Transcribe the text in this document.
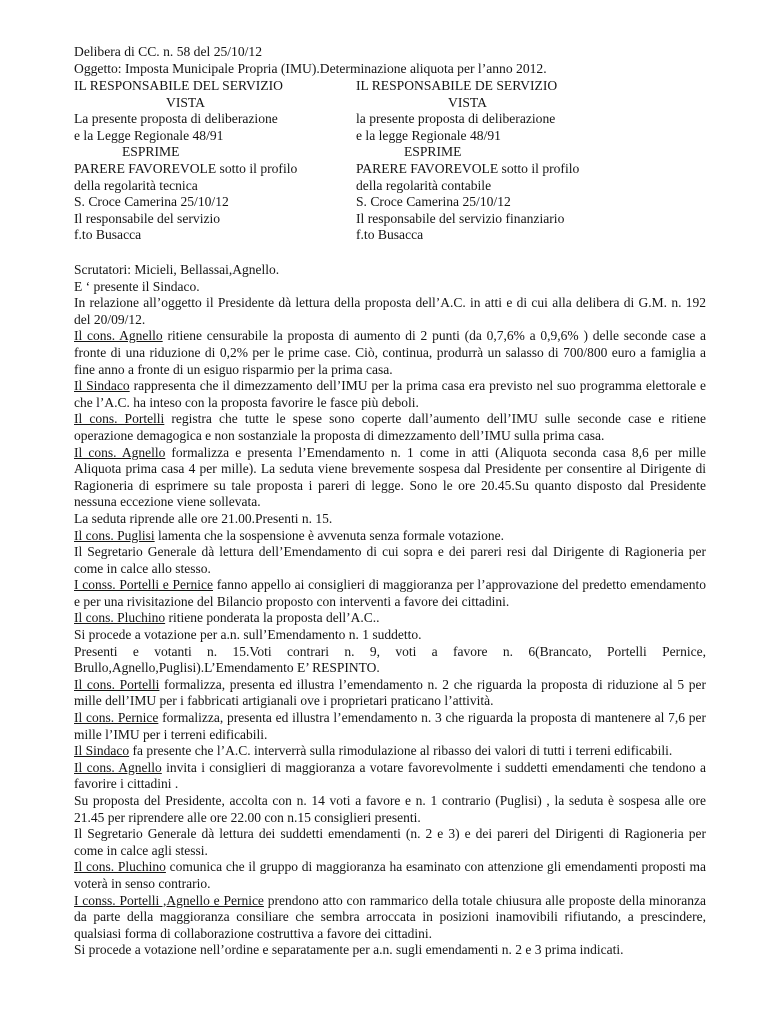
Delibera di CC. n. 58 del 25/10/12
Oggetto: Imposta Municipale Propria (IMU).Determinazione aliquota per l’anno 2012.
IL RESPONSABILE DEL SERVIZIO
VISTA
La presente proposta di deliberazione
e la Legge Regionale 48/91
ESPRIME
PARERE FAVOREVOLE sotto il profilo
della regolarità tecnica
S. Croce Camerina 25/10/12
Il responsabile del servizio
f.to Busacca
IL RESPONSABILE DE SERVIZIO
VISTA
la presente proposta di deliberazione
e la legge Regionale 48/91
ESPRIME
PARERE FAVOREVOLE sotto il profilo
della regolarità contabile
S. Croce Camerina 25/10/12
Il responsabile del servizio finanziario
f.to Busacca

Scrutatori: Micieli, Bellassai,Agnello.

E ‘ presente il Sindaco.

In relazione all’oggetto il Presidente dà lettura della proposta dell’A.C. in atti e di cui alla delibera di G.M. n. 192 del 20/09/12.

Il cons. Agnello ritiene censurabile la proposta di aumento di 2 punti (da 0,7,6% a 0,9,6% ) delle seconde case a fronte di una riduzione di 0,2% per le prime case. Ciò, continua, produrrà un salasso di 700/800 euro a famiglia a fine anno a fronte di un esiguo risparmio per la prima casa.

Il Sindaco rappresenta che il dimezzamento dell’IMU per la prima casa era previsto nel suo programma elettorale e che l’A.C. ha inteso con la proposta favorire le fasce più deboli.

Il cons. Portelli registra che tutte le spese sono coperte dall’aumento dell’IMU sulle seconde case e ritiene operazione demagogica e non sostanziale la proposta di dimezzamento dell’IMU sulla prima casa.

Il cons. Agnello formalizza e presenta l’Emendamento n. 1 come in atti (Aliquota seconda casa 8,6 per mille Aliquota prima casa 4 per mille). La seduta viene brevemente sospesa dal Presidente per consentire al Dirigente di Ragioneria di esprimere su tale proposta i pareri di legge. Sono le ore 20.45.Su quanto disposto dal Presidente nessuna eccezione viene sollevata.

La seduta riprende alle ore 21.00.Presenti n. 15.

Il cons. Puglisi lamenta che la sospensione è avvenuta senza formale votazione.

Il Segretario Generale dà lettura dell’Emendamento di cui sopra e dei pareri resi dal Dirigente di Ragioneria per come in calce allo stesso.

I conss. Portelli e Pernice fanno appello ai consiglieri di maggioranza per l’approvazione del predetto emendamento e per una rivisitazione del Bilancio proposto con interventi a favore dei cittadini.

Il cons. Pluchino ritiene ponderata la proposta dell’A.C..

Si procede a votazione per a.n. sull’Emendamento n. 1 suddetto.

Presenti e votanti n. 15.Voti contrari n. 9, voti a favore n. 6(Brancato, Portelli Pernice, Brullo,Agnello,Puglisi).L’Emendamento E’ RESPINTO.

Il cons. Portelli formalizza, presenta ed illustra l’emendamento n. 2 che riguarda la proposta di riduzione al 5 per mille dell’IMU per i fabbricati artigianali ove i proprietari praticano l’attività.

Il cons. Pernice formalizza, presenta ed illustra l’emendamento n. 3 che riguarda la proposta di mantenere al 7,6 per mille l’IMU per i terreni edificabili.

Il Sindaco fa presente che l’A.C. interverrà sulla rimodulazione al ribasso dei valori di tutti i terreni edificabili.

Il cons. Agnello invita i consiglieri di maggioranza a votare favorevolmente i suddetti emendamenti che tendono a favorire i cittadini .

Su proposta del Presidente, accolta con n. 14 voti a favore e n. 1 contrario (Puglisi) , la seduta è sospesa alle ore 21.45 per riprendere alle ore 22.00 con n.15 consiglieri presenti.

Il Segretario Generale dà lettura dei suddetti emendamenti (n. 2 e 3) e dei pareri del Dirigenti di Ragioneria per come in calce agli stessi.

Il cons. Pluchino comunica che il gruppo di maggioranza ha esaminato con attenzione gli emendamenti proposti ma voterà in senso contrario.

I conss. Portelli ,Agnello e Pernice prendono atto con rammarico della totale chiusura alle proposte della minoranza da parte della maggioranza consiliare che sembra arroccata in posizioni inamovibili rifiutando, a prescindere, qualsiasi forma di collaborazione costruttiva a favore dei cittadini.

Si procede a votazione nell’ordine e separatamente per a.n. sugli emendamenti n. 2 e 3 prima indicati.
